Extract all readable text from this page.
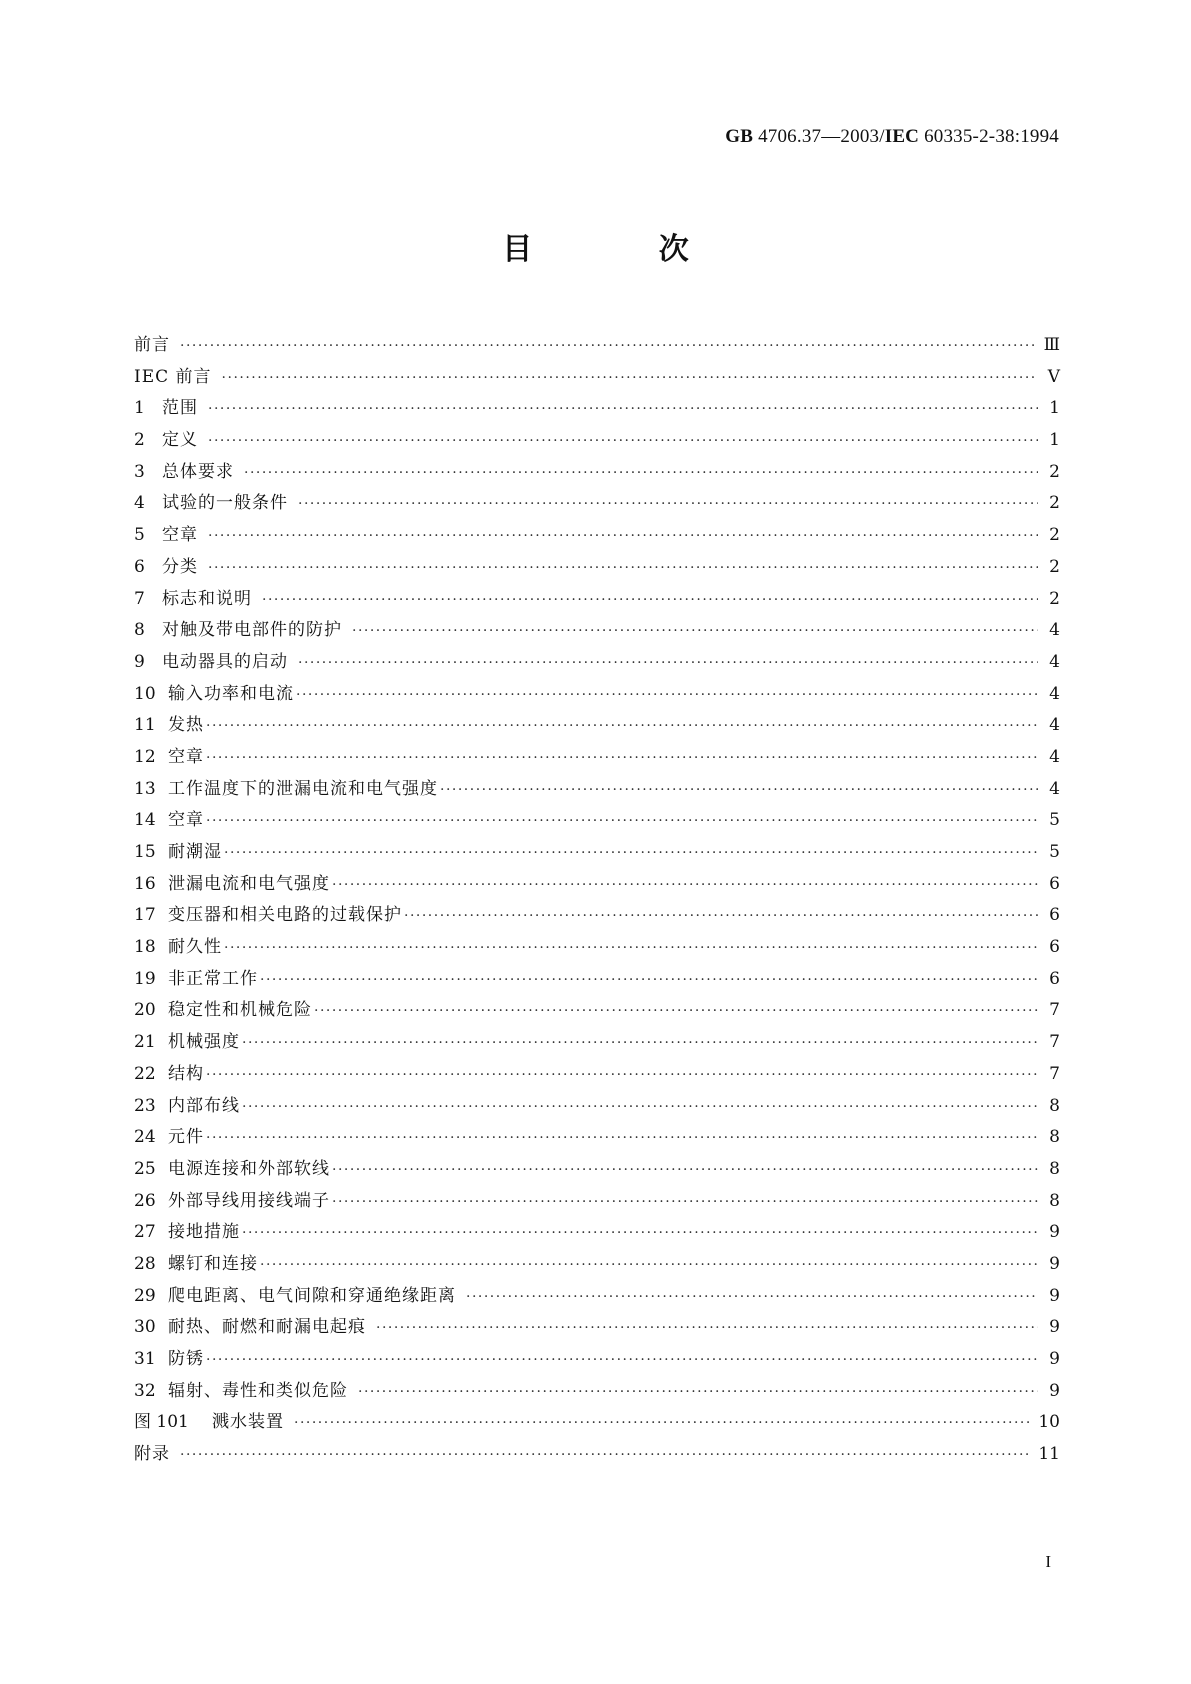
GB 4706.37—2003/IEC 60335-2-38:1994
目 次
前言 ·····	Ⅲ
IEC 前言 ·····	Ⅴ
1	范围 ·····	1
2	定义 ·····	1
3	总体要求 ·····	2
4	试验的一般条件 ·····	2
5	空章 ·····	2
6	分类 ·····	2
7	标志和说明 ·····	2
8	对触及带电部件的防护 ·····	4
9	电动器具的启动 ·····	4
10 输入功率和电流 ·····	4
11 发热 ·····	4
12 空章 ·····	4
13 工作温度下的泄漏电流和电气强度 ·····	4
14 空章 ·····	5
15 耐潮湿 ·····	5
16 泄漏电流和电气强度 ·····	6
17 变压器和相关电路的过载保护 ·····	6
18 耐久性 ·····	6
19 非正常工作 ·····	6
20 稳定性和机械危险 ·····	7
21 机械强度 ·····	7
22 结构 ·····	7
23 内部布线 ·····	8
24 元件 ·····	8
25 电源连接和外部软线 ·····	8
26 外部导线用接线端子 ·····	8
27 接地措施 ·····	9
28 螺钉和连接 ·····	9
29 爬电距离、电气间隙和穿通绝缘距离 ·····	9
30 耐热、耐燃和耐漏电起痕 ·····	9
31 防锈 ·····	9
32 辐射、毒性和类似危险 ·····	9
图 101	溅水装置 ·····	10
附录 ·····	11
I
